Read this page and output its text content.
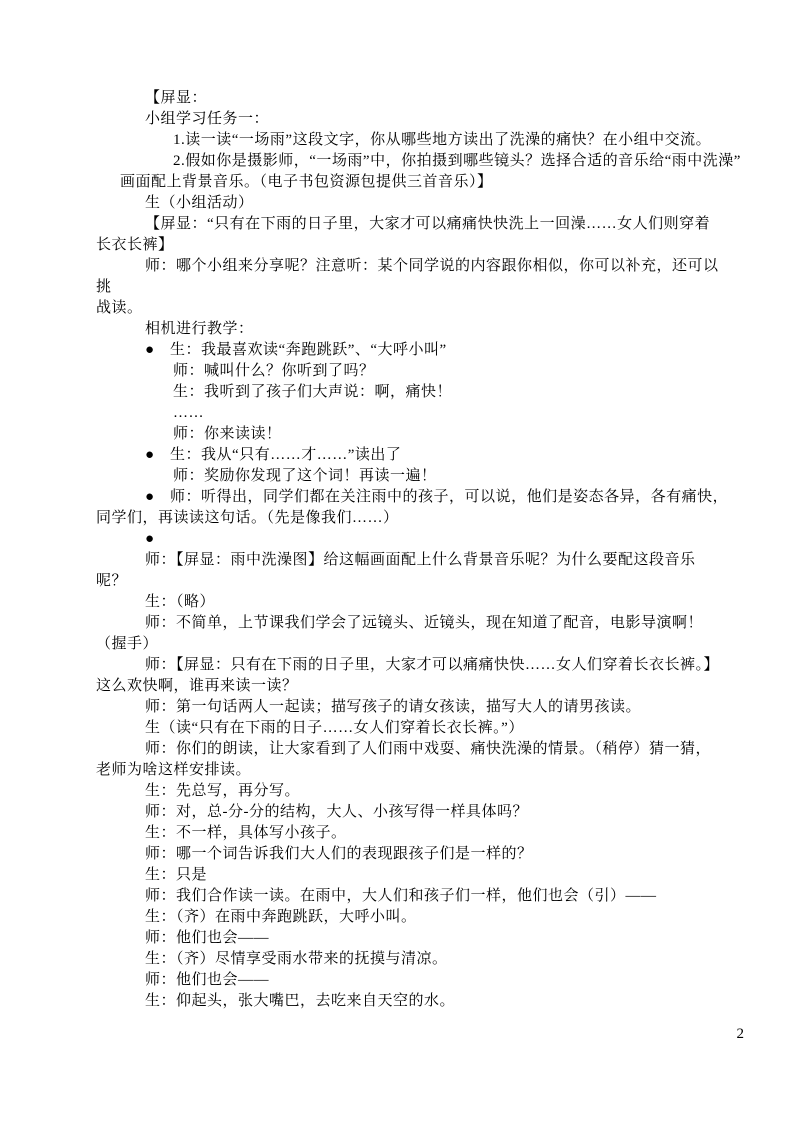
【屏显：

小组学习任务一：

1.读一读“一场雨”这段文字，你从哪些地方读出了洗澡的痛快？在小组中交流。

2.假如你是摄影师，“一场雨”中，你拍摄到哪些镜头？选择合适的音乐给“雨中洗澡”

画面配上背景音乐。（电子书包资源包提供三首音乐）】

生（小组活动）

【屏显：“只有在下雨的日子里，大家才可以痛痛快快洗上一回澡……女人们则穿着

长衣长裤】

师：哪个小组来分享呢？注意听：某个同学说的内容跟你相似，你可以补充，还可以

挑

战读。

相机进行教学：

●　生：我最喜欢读“奔跑跳跃”、“大呼小叫”

师：喊叫什么？你听到了吗？

生：我听到了孩子们大声说：啊，痛快！

……

师：你来读读！

●　生：我从“只有……才……”读出了

师：奖励你发现了这个词！再读一遍！

●　师：听得出，同学们都在关注雨中的孩子，可以说，他们是姿态各异，各有痛快，

同学们，再读读这句话。（先是像我们……）

●

师：【屏显：雨中洗澡图】给这幅画面配上什么背景音乐呢？为什么要配这段音乐

呢？

生：（略）

师：不简单，上节课我们学会了远镜头、近镜头，现在知道了配音，电影导演啊！

（握手）

师：【屏显：只有在下雨的日子里，大家才可以痛痛快快……女人们穿着长衣长裤。】

这么欢快啊，谁再来读一读？

师：第一句话两人一起读；描写孩子的请女孩读，描写大人的请男孩读。

生（读“只有在下雨的日子……女人们穿着长衣长裤。”）

师：你们的朗读，让大家看到了人们雨中戏耍、痛快洗澡的情景。（稍停）猜一猜，

老师为啥这样安排读。

生：先总写，再分写。

师：对，总-分-分的结构，大人、小孩写得一样具体吗？

生：不一样，具体写小孩子。

师：哪一个词告诉我们大人们的表现跟孩子们是一样的？

生：只是

师：我们合作读一读。在雨中，大人们和孩子们一样，他们也会（引）——

生：（齐）在雨中奔跑跳跃，大呼小叫。

师：他们也会——

生：（齐）尽情享受雨水带来的抚摸与清凉。

师：他们也会——

生：仰起头，张大嘴巴，去吃来自天空的水。

2
